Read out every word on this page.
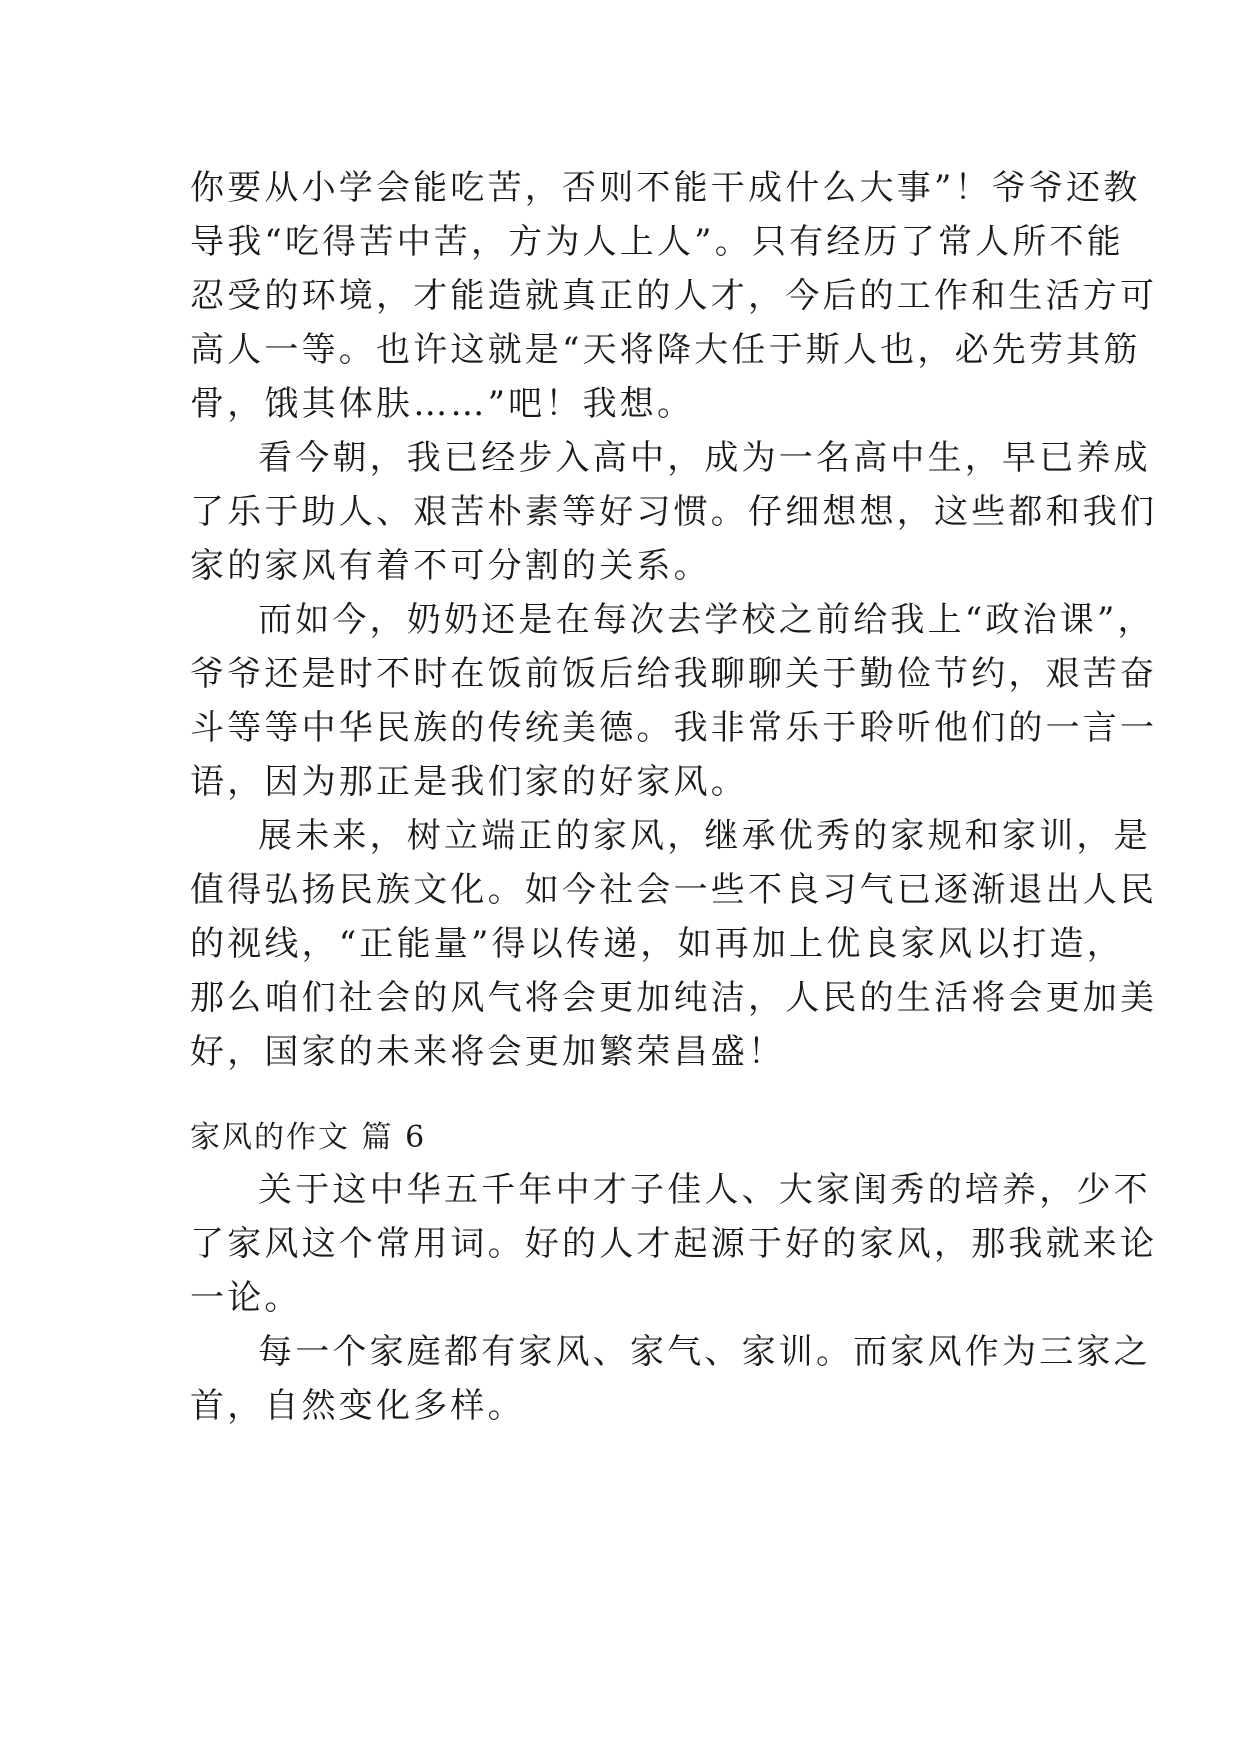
你要从小学会能吃苦，否则不能干成什么大事”！爷爷还教
导我“吃得苦中苦，方为人上人”。只有经历了常人所不能
忍受的环境，才能造就真正的人才，今后的工作和生活方可
高人一等。也许这就是“天将降大任于斯人也，必先劳其筋
骨，饿其体肤……”吧！我想。
看今朝，我已经步入高中，成为一名高中生，早已养成
了乐于助人、艰苦朴素等好习惯。仔细想想，这些都和我们
家的家风有着不可分割的关系。
而如今，奶奶还是在每次去学校之前给我上“政治课”，
爷爷还是时不时在饭前饭后给我聊聊关于勤俭节约，艰苦奋
斗等等中华民族的传统美德。我非常乐于聆听他们的一言一
语，因为那正是我们家的好家风。
展未来，树立端正的家风，继承优秀的家规和家训，是
值得弘扬民族文化。如今社会一些不良习气已逐渐退出人民
的视线，“正能量”得以传递，如再加上优良家风以打造，
那么咱们社会的风气将会更加纯洁，人民的生活将会更加美
好，国家的未来将会更加繁荣昌盛！
家风的作文 篇 6
关于这中华五千年中才子佳人、大家闺秀的培养，少不
了家风这个常用词。好的人才起源于好的家风，那我就来论
一论。
每一个家庭都有家风、家气、家训。而家风作为三家之
首，自然变化多样。
